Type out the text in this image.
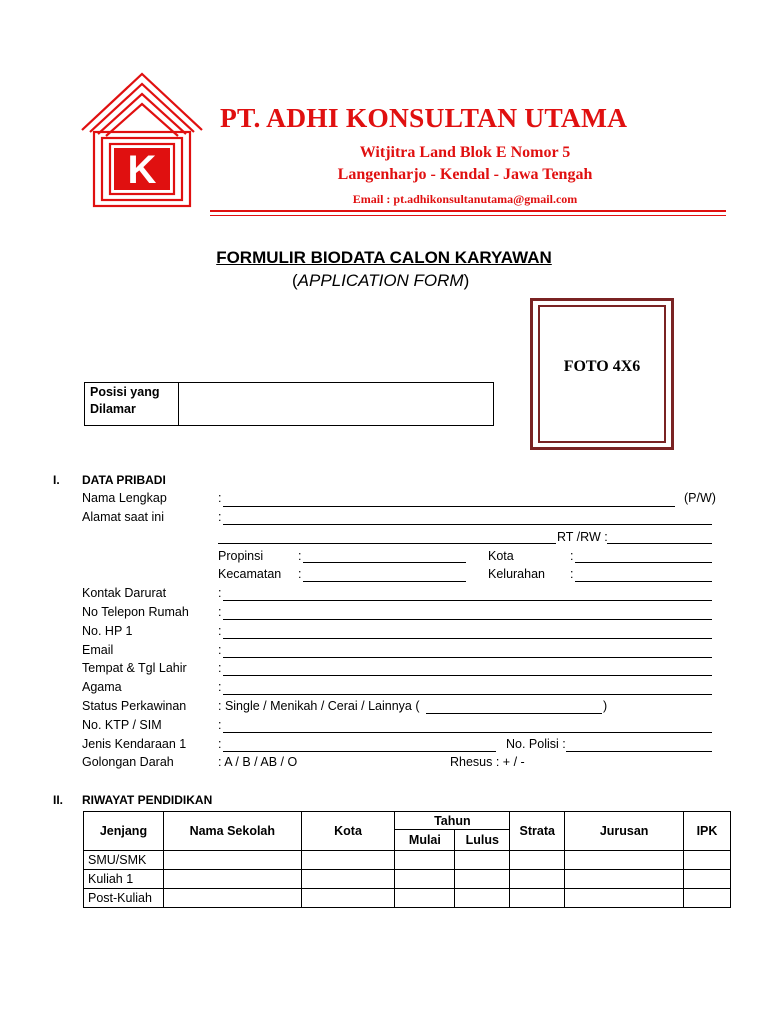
K
PT. ADHI KONSULTAN UTAMA
Witjitra Land Blok E Nomor 5
Langenharjo - Kendal - Jawa Tengah
Email : pt.adhikonsultanutama@gmail.com
FORMULIR BIODATA CALON KARYAWAN
(APPLICATION FORM)
FOTO 4X6
Posisi yang Dilamar
I. DATA PRIBADI
Nama Lengkap	:	(P/W)
Alamat saat ini	:
RT /RW :
Propinsi	:	Kota	:
Kecamatan :	Kelurahan :
Kontak Darurat	:
No Telepon Rumah :
No. HP 1	:
Email	:
Tempat & Tgl Lahir	:
Agama	:
Status Perkawinan	: Single / Menikah / Cerai / Lainnya (	)
No. KTP / SIM	:
Jenis Kendaraan 1	:	No. Polisi :
Golongan Darah	: A / B / AB / O	Rhesus : + / -
II. RIWAYAT PENDIDIKAN
Jenjang	Nama Sekolah	Kota	Tahun		Strata	Jurusan	IPK
			Mulai	Lulus			
SMU/SMK							
Kuliah 1							
Post-Kuliah							
